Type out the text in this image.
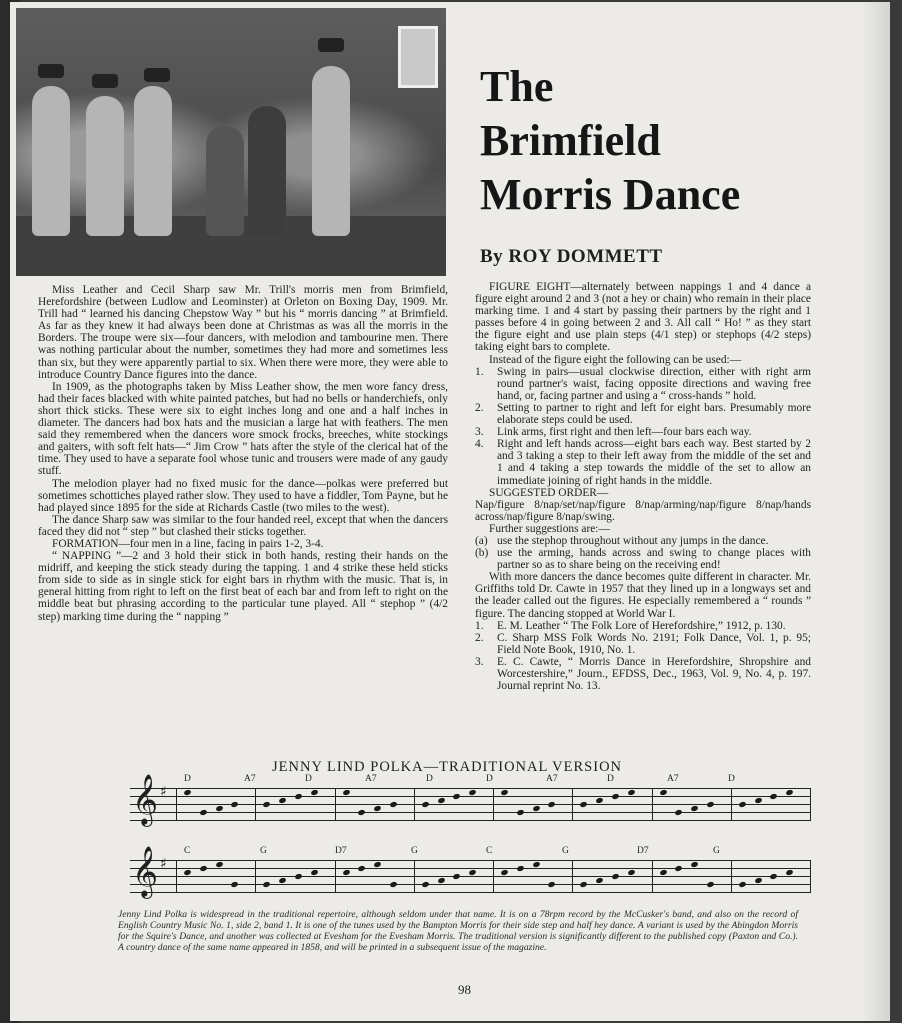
The
Brimfield
Morris Dance
By ROY DOMMETT

Miss Leather and Cecil Sharp saw Mr. Trill's morris men from Brimfield, Herefordshire (between Ludlow and Leominster) at Orleton on Boxing Day, 1909. Mr. Trill had “ learned his dancing Chepstow Way ” but his “ morris dancing ” at Brimfield. As far as they knew it had always been done at Christmas as was all the morris in the Borders. The troupe were six—four dancers, with melodion and tambourine men. There was nothing particular about the number, sometimes they had more and sometimes less than six, but they were apparently partial to six. When there were more, they were able to introduce Country Dance figures into the dance.

In 1909, as the photographs taken by Miss Leather show, the men wore fancy dress, had their faces blacked with white painted patches, but had no bells or handerchiefs, only short thick sticks. These were six to eight inches long and one and a half inches in diameter. The dancers had box hats and the musician a large hat with feathers. The men said they remembered when the dancers wore smock frocks, breeches, white stockings and gaiters, with soft felt hats—“ Jim Crow ” hats after the style of the clerical hat of the time. They used to have a separate fool whose tunic and trousers were made of any gaudy stuff.

The melodion player had no fixed music for the dance—polkas were preferred but sometimes schottiches played rather slow. They used to have a fiddler, Tom Payne, but he had played since 1895 for the side at Richards Castle (two miles to the west).

The dance Sharp saw was similar to the four handed reel, except that when the dancers faced they did not “ step ” but clashed their sticks together.

FORMATION—four men in a line, facing in pairs 1-2, 3-4.

“ NAPPING ”—2 and 3 hold their stick in both hands, resting their hands on the midriff, and keeping the stick steady during the tapping. 1 and 4 strike these held sticks from side to side as in single stick for eight bars in rhythm with the music. That is, in general hitting from right to left on the first beat of each bar and from left to right on the middle beat but phrasing according to the particular tune played. All “ stephop ” (4/2 step) marking time during the “ napping ”

FIGURE EIGHT—alternately between nappings 1 and 4 dance a figure eight around 2 and 3 (not a hey or chain) who remain in their place marking time. 1 and 4 start by passing their partners by the right and 1 passes before 4 in going between 2 and 3. All call “ Ho! ” as they start the figure eight and use plain steps (4/1 step) or stephops (4/2 steps) taking eight bars to complete.

Instead of the figure eight the following can be used:—

1.	Swing in pairs—usual clockwise direction, either with right arm round partner's waist, facing opposite directions and waving free hand, or, facing partner and using a “ cross-hands ” hold.
2.	Setting to partner to right and left for eight bars. Presumably more elaborate steps could be used.
3.	Link arms, first right and then left—four bars each way.
4.	Right and left hands across—eight bars each way. Best started by 2 and 3 taking a step to their left away from the middle of the set and 1 and 4 taking a step towards the middle of the set to allow an immediate joining of right hands in the middle.

SUGGESTED ORDER—

Nap/figure 8/nap/set/nap/figure 8/nap/arming/nap/figure 8/nap/hands across/nap/figure 8/nap/swing.

Further suggestions are:—

(a) use the stephop throughout without any jumps in the dance.
(b) use the arming, hands across and swing to change places with partner so as to share being on the receiving end!

With more dancers the dance becomes quite different in character. Mr. Griffiths told Dr. Cawte in 1957 that they lined up in a longways set and the leader called out the figures. He especially remembered a “ rounds ” figure. The dancing stopped at World War I.

1.	E. M. Leather “ The Folk Lore of Herefordshire,” 1912, p. 130.
2.	C. Sharp MSS Folk Words No. 2191; Folk Dance, Vol. 1, p. 95; Field Note Book, 1910, No. 1.
3.	E. C. Cawte, “ Morris Dance in Herefordshire, Shropshire and Worcestershire,” Journ., EFDSS, Dec., 1963, Vol. 9, No. 4, p. 197. Journal reprint No. 13.
JENNY LIND POLKA—TRADITIONAL VERSION
𝄞 ♯
D	A7	D	A7	D	D	A7	D	A7	D
𝄞 ♯
C	G	D7	G	C	G	D7	G
Jenny Lind Polka is widespread in the traditional repertoire, although seldom under that name. It is on a 78rpm record by the McCusker's band, and also on the record of English Country Music No. 1, side 2, band 1. It is one of the tunes used by the Bampton Morris for their side step and half hey dance. A variant is used by the Abingdon Morris for the Squire's Dance, and another was collected at Evesham for the Evesham Morris. The traditional version is significantly different to the published copy (Paxton and Co.). A country dance of the same name appeared in 1858, and will be printed in a subsequent issue of the magazine.
98
